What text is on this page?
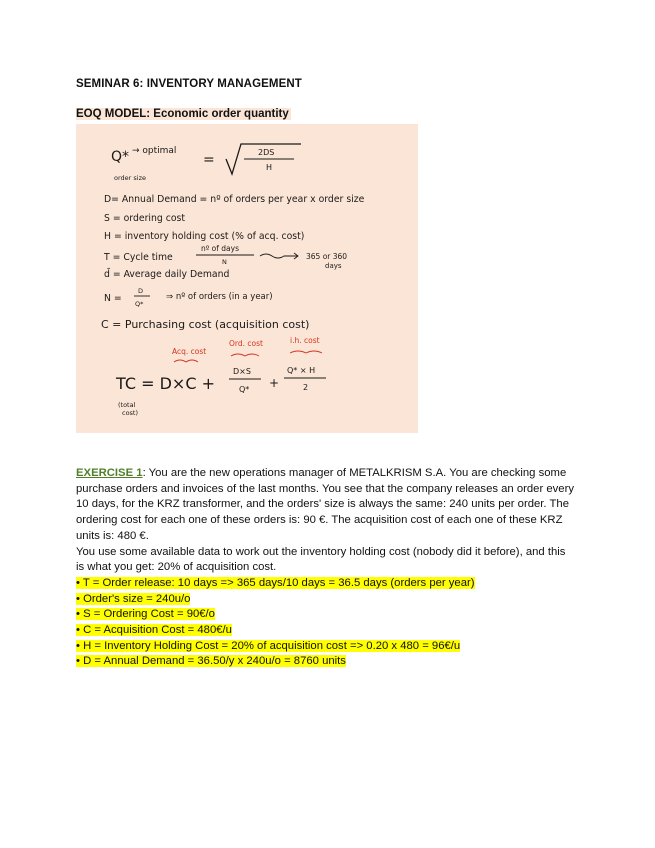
SEMINAR 6: INVENTORY MANAGEMENT
EOQ MODEL: Economic order quantity
Q* → optimal
order size
=	2DS
H
D= Annual Demand = nº of orders per year x order size
S = ordering cost
H = inventory holding cost (% of acq. cost)
T = Cycle time
nº of days
N
365 or 360
days
d̄ = Average daily Demand
N =
D
Q*
⇒ nº of orders (in a year)
C = Purchasing cost (acquisition cost)
Acq. cost
Ord. cost	i.h. cost
TC = D×C +
D×S
Q* +
Q* × H
2
(total
cost)

EXERCISE 1: You are the new operations manager of METALKRISM S.A. You are checking some purchase orders and invoices of the last months. You see that the company releases an order every 10 days, for the KRZ transformer, and the orders' size is always the same: 240 units per order. The ordering cost for each one of these orders is: 90 €. The acquisition cost of each one of these KRZ units is: 480 €.

You use some available data to work out the inventory holding cost (nobody did it before), and this is what you get: 20% of acquisition cost.

• T = Order release: 10 days => 365 days/10 days = 36.5 days (orders per year)
• Order's size = 240u/o
• S = Ordering Cost = 90€/o
• C = Acquisition Cost = 480€/u
• H = Inventory Holding Cost = 20% of acquisition cost => 0.20 x 480 = 96€/u
• D = Annual Demand = 36.50/y x 240u/o = 8760 units
